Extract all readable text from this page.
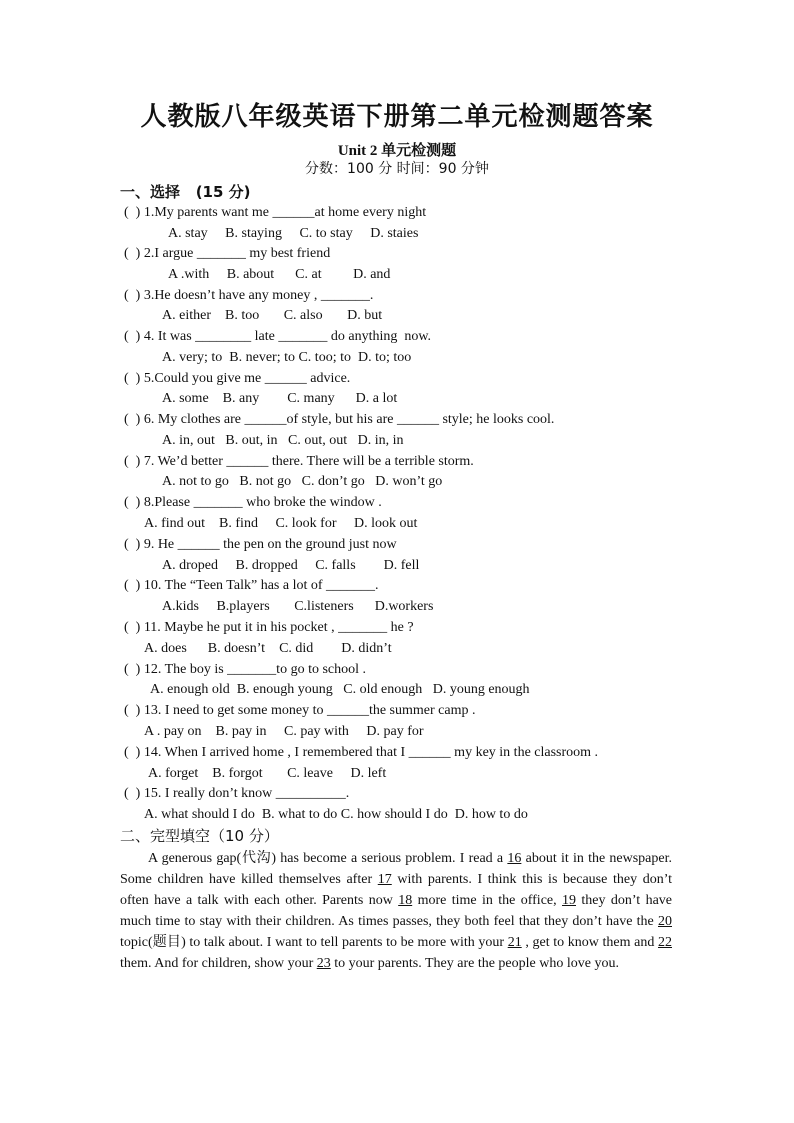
人教版八年级英语下册第二单元检测题答案
Unit 2 单元检测题
分数：100 分 时间：90 分钟
一、选择 (15 分)
(  ) 1.My parents want me ______at home every night
A. stay     B. staying     C. to stay     D. staies
(  ) 2.I argue _______ my best friend
A .with     B. about      C. at         D. and
(  ) 3.He doesn’t have any money , _______.
A. either    B. too       C. also       D. but
(  ) 4. It was ________ late _______ do anything  now.
A. very; to  B. never; to C. too; to  D. to; too
(  ) 5.Could you give me ______ advice.
A. some    B. any        C. many      D. a lot
(  ) 6. My clothes are ______of style, but his are ______ style; he looks cool.
A. in, out   B. out, in   C. out, out   D. in, in
(  ) 7. We’d better ______ there. There will be a terrible storm.
A. not to go   B. not go   C. don’t go   D. won’t go
(  ) 8.Please _______ who broke the window .
A. find out    B. find     C. look for     D. look out
(  ) 9. He ______ the pen on the ground just now
A. droped     B. dropped     C. falls        D. fell
(  ) 10. The “Teen Talk” has a lot of _______.
A.kids     B.players       C.listeners      D.workers
(  ) 11. Maybe he put it in his pocket , _______ he ?
A. does      B. doesn’t    C. did        D. didn’t
(  ) 12. The boy is _______to go to school .
A. enough old  B. enough young   C. old enough   D. young enough
(  ) 13. I need to get some money to ______the summer camp .
A . pay on    B. pay in     C. pay with     D. pay for
(  ) 14. When I arrived home , I remembered that I ______ my key in the classroom .
A. forget    B. forgot       C. leave     D. left
(  ) 15. I really don’t know __________.
A. what should I do  B. what to do C. how should I do  D. how to do
二、完型填空（10 分）

A generous gap(代沟) has become a serious problem. I read a 16 about it in the newspaper. Some children have killed themselves after 17 with parents. I think this is because they don’t often have a talk with each other. Parents now 18 more time in the office, 19 they don’t have much time to stay with their children. As times passes, they both feel that they don’t have the 20 topic(题目) to talk about. I want to tell parents to be more with your 21 , get to know them and 22 them. And for children, show your 23 to your parents. They are the people who love you.
